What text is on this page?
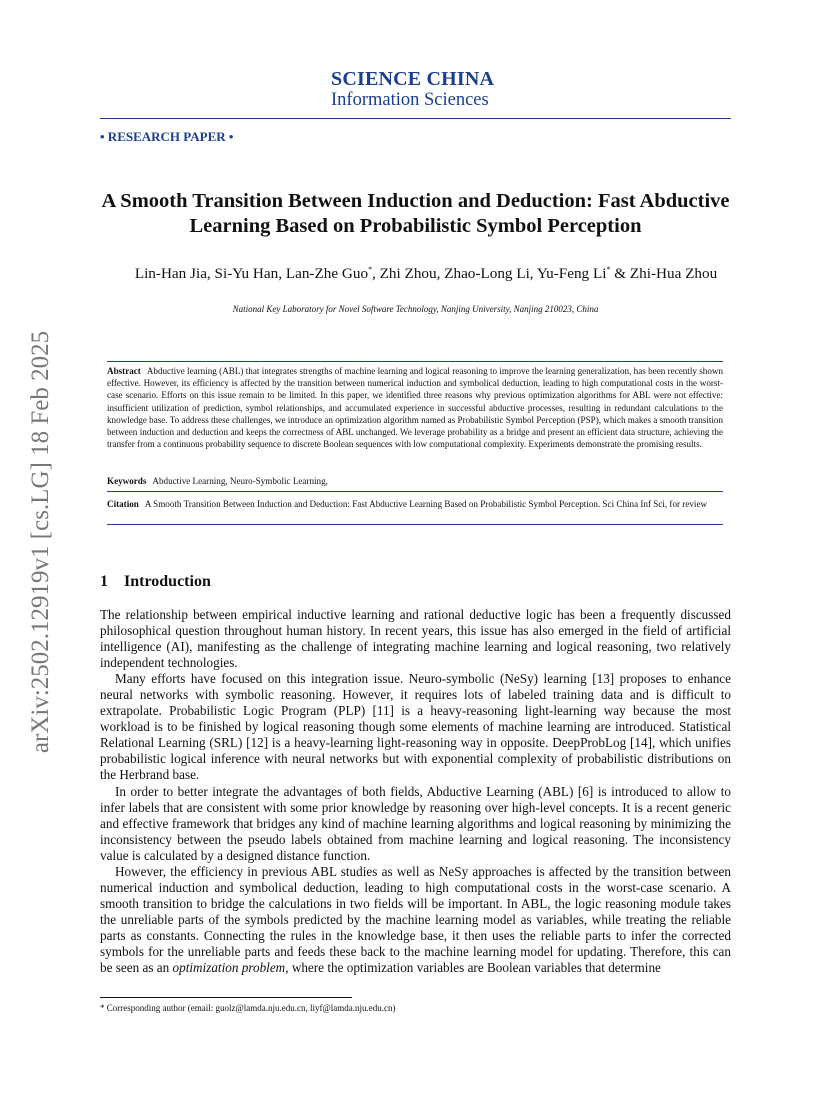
SCIENCE CHINA
Information Sciences
• RESEARCH PAPER •
A Smooth Transition Between Induction and Deduction: Fast Abductive Learning Based on Probabilistic Symbol Perception
Lin-Han Jia, Si-Yu Han, Lan-Zhe Guo*, Zhi Zhou, Zhao-Long Li, Yu-Feng Li* & Zhi-Hua Zhou
National Key Laboratory for Novel Software Technology, Nanjing University, Nanjing 210023, China
Abstract Abductive learning (ABL) that integrates strengths of machine learning and logical reasoning to improve the learning generalization, has been recently shown effective. However, its efficiency is affected by the transition between numerical induction and symbolical deduction, leading to high computational costs in the worst-case scenario. Efforts on this issue remain to be limited. In this paper, we identified three reasons why previous optimization algorithms for ABL were not effective: insufficient utilization of prediction, symbol relationships, and accumulated experience in successful abductive processes, resulting in redundant calculations to the knowledge base. To address these challenges, we introduce an optimization algorithm named as Probabilistic Symbol Perception (PSP), which makes a smooth transition between induction and deduction and keeps the correctness of ABL unchanged. We leverage probability as a bridge and present an efficient data structure, achieving the transfer from a continuous probability sequence to discrete Boolean sequences with low computational complexity. Experiments demonstrate the promising results.
Keywords Abductive Learning, Neuro-Symbolic Learning,
Citation A Smooth Transition Between Induction and Deduction: Fast Abductive Learning Based on Probabilistic Symbol Perception. Sci China Inf Sci, for review
1 Introduction

The relationship between empirical inductive learning and rational deductive logic has been a frequently discussed philosophical question throughout human history. In recent years, this issue has also emerged in the field of artificial intelligence (AI), manifesting as the challenge of integrating machine learning and logical reasoning, two relatively independent technologies.

Many efforts have focused on this integration issue. Neuro-symbolic (NeSy) learning [13] proposes to enhance neural networks with symbolic reasoning. However, it requires lots of labeled training data and is difficult to extrapolate. Probabilistic Logic Program (PLP) [11] is a heavy-reasoning light-learning way because the most workload is to be finished by logical reasoning though some elements of machine learning are introduced. Statistical Relational Learning (SRL) [12] is a heavy-learning light-reasoning way in opposite. DeepProbLog [14], which unifies probabilistic logical inference with neural networks but with exponential complexity of probabilistic distributions on the Herbrand base.

In order to better integrate the advantages of both fields, Abductive Learning (ABL) [6] is introduced to allow to infer labels that are consistent with some prior knowledge by reasoning over high-level concepts. It is a recent generic and effective framework that bridges any kind of machine learning algorithms and logical reasoning by minimizing the inconsistency between the pseudo labels obtained from machine learning and logical reasoning. The inconsistency value is calculated by a designed distance function.

However, the efficiency in previous ABL studies as well as NeSy approaches is affected by the transition between numerical induction and symbolical deduction, leading to high computational costs in the worst-case scenario. A smooth transition to bridge the calculations in two fields will be important. In ABL, the logic reasoning module takes the unreliable parts of the symbols predicted by the machine learning model as variables, while treating the reliable parts as constants. Connecting the rules in the knowledge base, it then uses the reliable parts to infer the corrected symbols for the unreliable parts and feeds these back to the machine learning model for updating. Therefore, this can be seen as an optimization problem, where the optimization variables are Boolean variables that determine

* Corresponding author (email: guolz@lamda.nju.edu.cn, liyf@lamda.nju.edu.cn)
arXiv:2502.12919v1 [cs.LG] 18 Feb 2025
